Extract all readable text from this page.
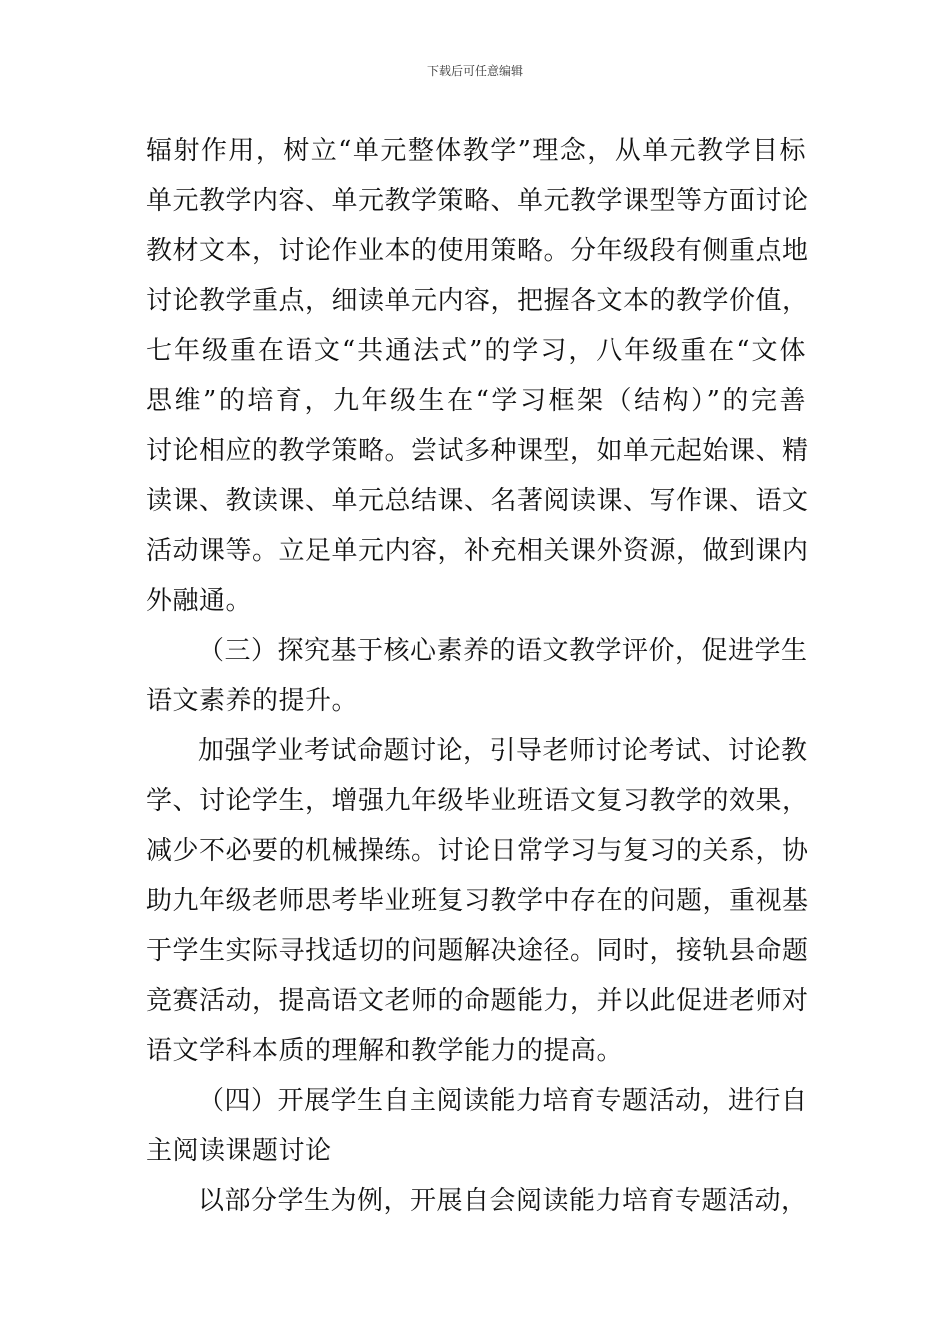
下载后可任意编辑
辐射作用，树立“单元整体教学”理念，从单元教学目标
单元教学内容、单元教学策略、单元教学课型等方面讨论
教材文本，讨论作业本的使用策略。分年级段有侧重点地
讨论教学重点，细读单元内容，把握各文本的教学价值，
七年级重在语文“共通法式”的学习，八年级重在“文体
思维”的培育，九年级生在“学习框架（结构）”的完善
讨论相应的教学策略。尝试多种课型，如单元起始课、精
读课、教读课、单元总结课、名著阅读课、写作课、语文
活动课等。立足单元内容，补充相关课外资源，做到课内
外融通。
（三）探究基于核心素养的语文教学评价，促进学生
语文素养的提升。
加强学业考试命题讨论，引导老师讨论考试、讨论教
学、讨论学生，增强九年级毕业班语文复习教学的效果，
减少不必要的机械操练。讨论日常学习与复习的关系，协
助九年级老师思考毕业班复习教学中存在的问题，重视基
于学生实际寻找适切的问题解决途径。同时，接轨县命题
竞赛活动，提高语文老师的命题能力，并以此促进老师对
语文学科本质的理解和教学能力的提高。
（四）开展学生自主阅读能力培育专题活动，进行自
主阅读课题讨论
以部分学生为例，开展自会阅读能力培育专题活动，
